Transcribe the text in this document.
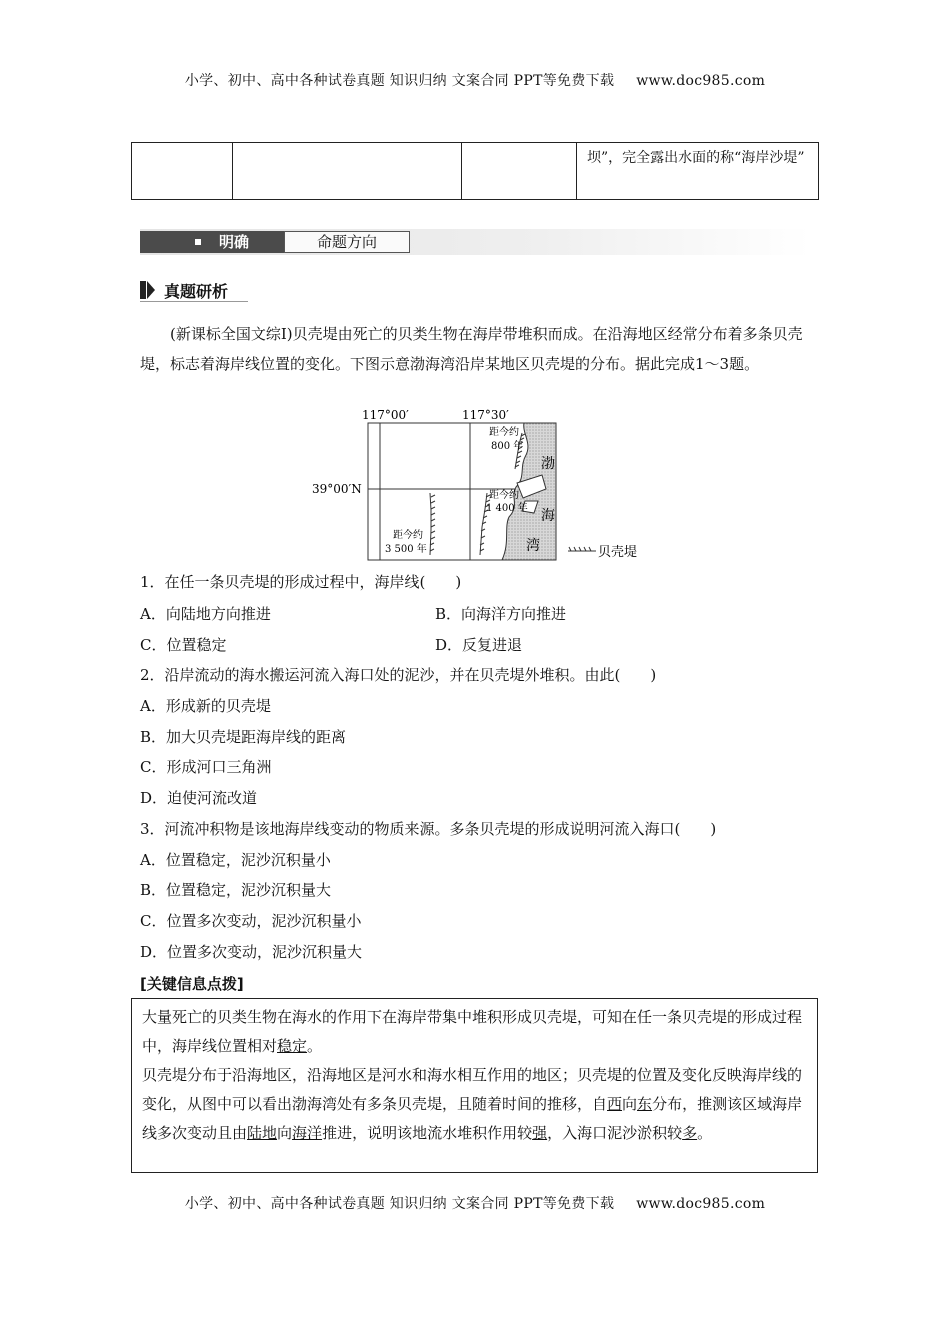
小学、初中、高中各种试卷真题 知识归纳 文案合同 PPT等免费下载 www.doc985.com
			坝”，完全露出水面的称“海岸沙堤”
明确	命题方向
真题研析

(新课标全国文综Ⅰ)贝壳堤由死亡的贝类生物在海岸带堆积而成。在沿海地区经常分布着多条贝壳堤，标志着海岸线位置的变化。下图示意渤海湾沿岸某地区贝壳堤的分布。据此完成1～3题。

117°00′	117°30′
39°00′N
距今约
800 年
距今约
1 400 年
距今约
3 500 年
渤
海
湾	贝壳堤
1．在任一条贝壳堤的形成过程中，海岸线(　　)
A．向陆地方向推进	B．向海洋方向推进
C．位置稳定	D．反复进退
2．沿岸流动的海水搬运河流入海口处的泥沙，并在贝壳堤外堆积。由此(　　)
A．形成新的贝壳堤
B．加大贝壳堤距海岸线的距离
C．形成河口三角洲
D．迫使河流改道
3．河流冲积物是该地海岸线变动的物质来源。多条贝壳堤的形成说明河流入海口(　　)
A．位置稳定，泥沙沉积量小
B．位置稳定，泥沙沉积量大
C．位置多次变动，泥沙沉积量小
D．位置多次变动，泥沙沉积量大
[关键信息点拨]

大量死亡的贝类生物在海水的作用下在海岸带集中堆积形成贝壳堤，可知在任一条贝壳堤的形成过程中，海岸线位置相对稳定。

贝壳堤分布于沿海地区，沿海地区是河水和海水相互作用的地区；贝壳堤的位置及变化反映海岸线的变化，从图中可以看出渤海湾处有多条贝壳堤，且随着时间的推移，自西向东分布，推测该区域海岸线多次变动且由陆地向海洋推进，说明该地流水堆积作用较强，入海口泥沙淤积较多。

小学、初中、高中各种试卷真题 知识归纳 文案合同 PPT等免费下载 www.doc985.com
